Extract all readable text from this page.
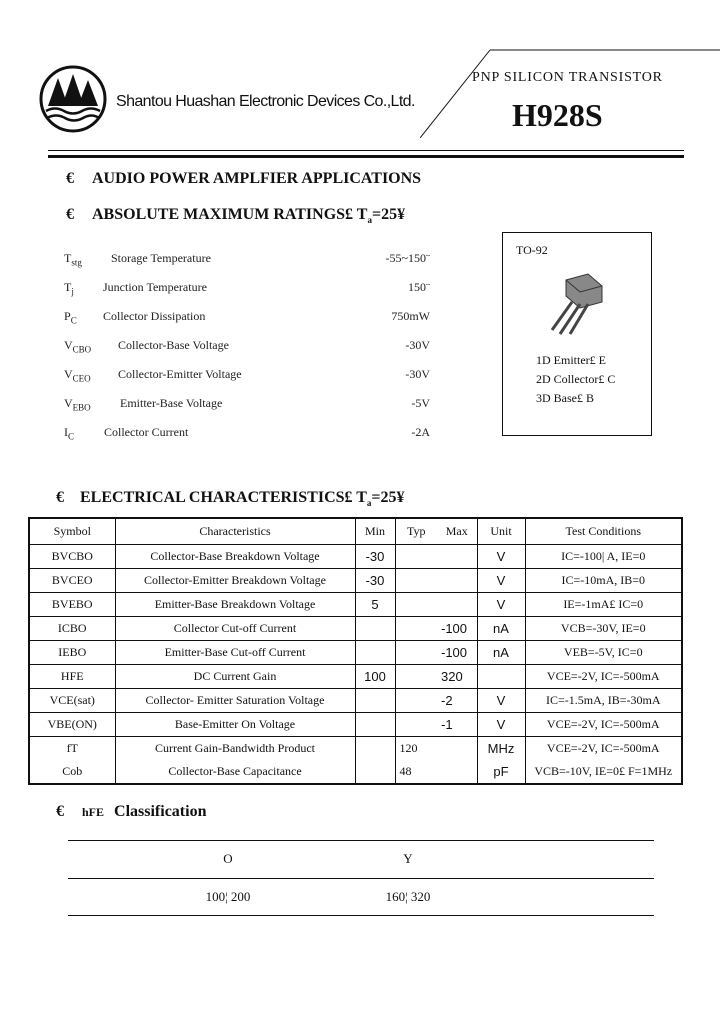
Shantou Huashan Electronic Devices Co.,Ltd.
PNP SILICON TRANSISTOR
H928S
€ AUDIO POWER AMPLFIER APPLICATIONS
€ ABSOLUTE MAXIMUM RATINGS£ $T_a=25¥$
$T_{stg}$ Storage Temperature	-55~150¨
$T_j$ Junction Temperature	150¨
$P_C$ Collector Dissipation	750mW
$V_{CBO}$ Collector-Base Voltage	-30V
$V_{CEO}$ Collector-Emitter Voltage	-30V
$V_{EBO}$ Emitter-Base Voltage	-5V
$I_C$ Collector Current	-2A
TO-92
1D Emitter£ E
2D Collector£ C
3D Base£ B
€ ELECTRICAL CHARACTERISTICS£ $T_a=25¥$
Symbol	Characteristics	Min	Typ	Max	Unit	Test Conditions
BVCBO	Collector-Base Breakdown Voltage	-30			V	IC=-100| A, IE=0
BVCEO	Collector-Emitter Breakdown Voltage	-30			V	IC=-10mA, IB=0
BVEBO	Emitter-Base Breakdown Voltage	5			V	IE=-1mA£ IC=0
ICBO	Collector Cut-off Current			-100	nA	VCB=-30V, IE=0
IEBO	Emitter-Base Cut-off Current			-100	nA	VEB=-5V, IC=0
HFE	DC Current Gain	100		320		VCE=-2V, IC=-500mA
VCE(sat)	Collector- Emitter Saturation Voltage			-2	V	IC=-1.5mA, IB=-30mA
VBE(ON)	Base-Emitter On Voltage			-1	V	VCE=-2V, IC=-500mA
fT	Current Gain-Bandwidth Product		120		MHz	VCE=-2V, IC=-500mA
Cob	Collector-Base Capacitance		48		pF	VCB=-10V, IE=0£ F=1MHz
€ hFE Classification
O	Y
100¦ 200	160¦ 320
